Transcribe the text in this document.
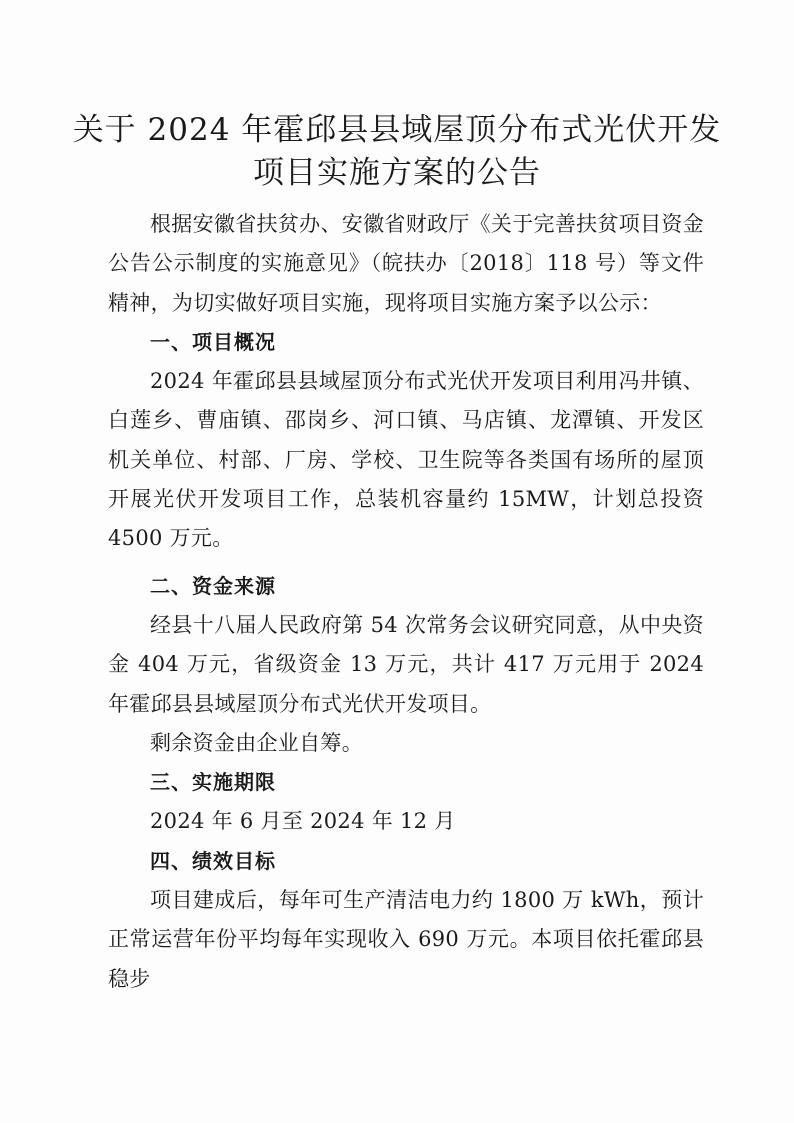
关于 2024 年霍邱县县域屋顶分布式光伏开发
项目实施方案的公告

根据安徽省扶贫办、安徽省财政厅《关于完善扶贫项目资金公告公示制度的实施意见》（皖扶办〔2018〕118 号）等文件精神，为切实做好项目实施，现将项目实施方案予以公示：

一、项目概况

2024 年霍邱县县域屋顶分布式光伏开发项目利用冯井镇、白莲乡、曹庙镇、邵岗乡、河口镇、马店镇、龙潭镇、开发区机关单位、村部、厂房、学校、卫生院等各类国有场所的屋顶开展光伏开发项目工作，总装机容量约 15MW，计划总投资 4500 万元。

二、资金来源

经县十八届人民政府第 54 次常务会议研究同意，从中央资金 404 万元，省级资金 13 万元，共计 417 万元用于 2024 年霍邱县县域屋顶分布式光伏开发项目。

剩余资金由企业自筹。

三、实施期限

2024 年 6 月至 2024 年 12 月

四、绩效目标

项目建成后，每年可生产清洁电力约 1800 万 kWh，预计正常运营年份平均每年实现收入 690 万元。本项目依托霍邱县稳步
